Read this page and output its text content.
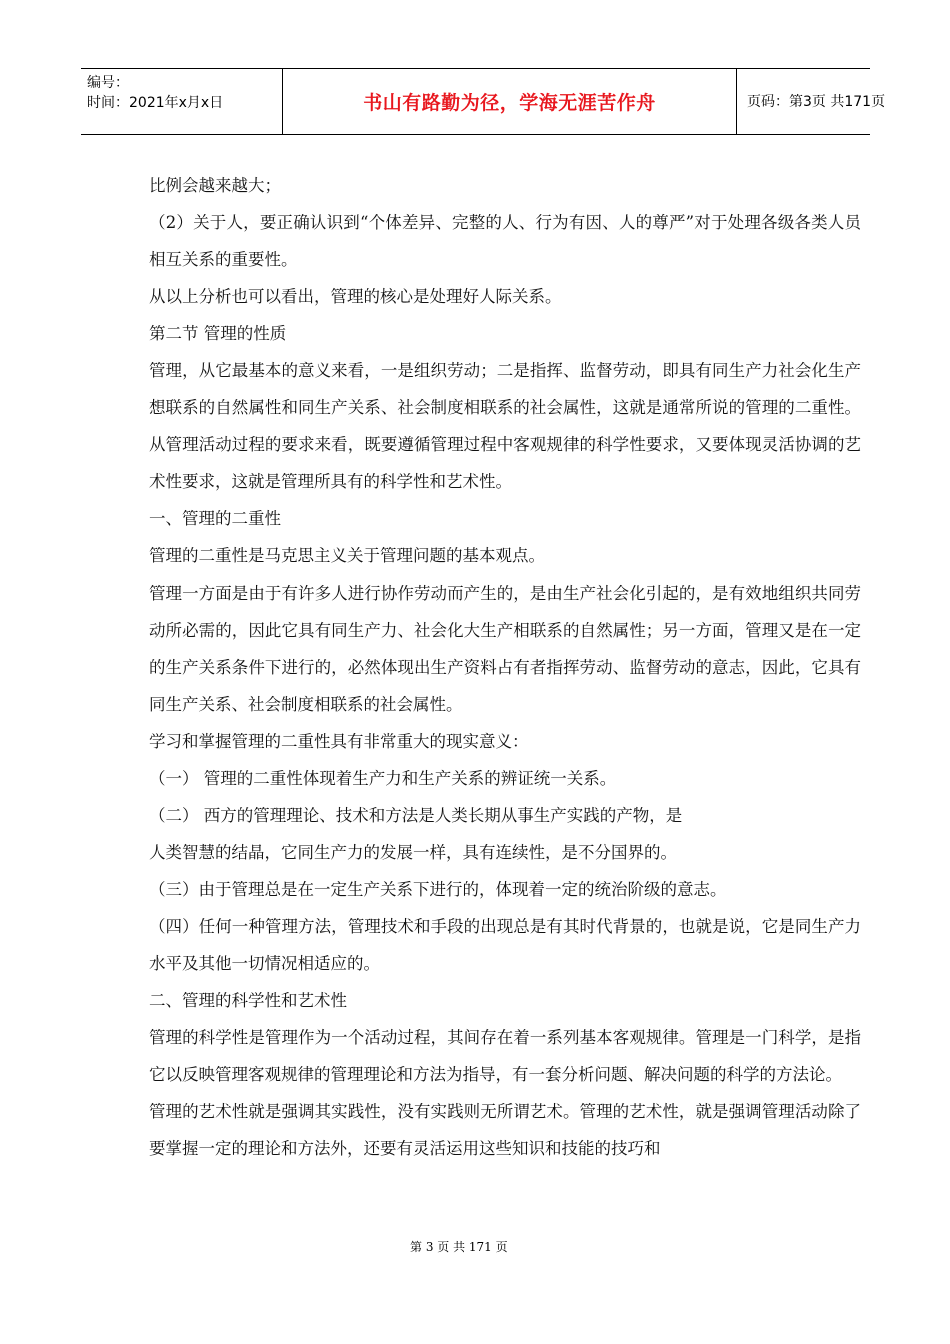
编号：
时间：2021年x月x日	书山有路勤为径，学海无涯苦作舟	页码：第3页 共171页

比例会越来越大；

（2）关于人，要正确认识到“个体差异、完整的人、行为有因、人的尊严”对于处理各级各类人员相互关系的重要性。

从以上分析也可以看出，管理的核心是处理好人际关系。

第二节 管理的性质

管理，从它最基本的意义来看，一是组织劳动；二是指挥、监督劳动，即具有同生产力社会化生产想联系的自然属性和同生产关系、社会制度相联系的社会属性，这就是通常所说的管理的二重性。从管理活动过程的要求来看，既要遵循管理过程中客观规律的科学性要求，又要体现灵活协调的艺术性要求，这就是管理所具有的科学性和艺术性。

一、管理的二重性

管理的二重性是马克思主义关于管理问题的基本观点。

管理一方面是由于有许多人进行协作劳动而产生的，是由生产社会化引起的，是有效地组织共同劳动所必需的，因此它具有同生产力、社会化大生产相联系的自然属性；另一方面，管理又是在一定的生产关系条件下进行的，必然体现出生产资料占有者指挥劳动、监督劳动的意志，因此，它具有同生产关系、社会制度相联系的社会属性。

学习和掌握管理的二重性具有非常重大的现实意义：

（一） 管理的二重性体现着生产力和生产关系的辨证统一关系。

（二） 西方的管理理论、技术和方法是人类长期从事生产实践的产物，是

人类智慧的结晶，它同生产力的发展一样，具有连续性，是不分国界的。

（三）由于管理总是在一定生产关系下进行的，体现着一定的统治阶级的意志。

（四）任何一种管理方法，管理技术和手段的出现总是有其时代背景的，也就是说，它是同生产力水平及其他一切情况相适应的。

二、管理的科学性和艺术性

管理的科学性是管理作为一个活动过程，其间存在着一系列基本客观规律。管理是一门科学，是指它以反映管理客观规律的管理理论和方法为指导，有一套分析问题、解决问题的科学的方法论。

管理的艺术性就是强调其实践性，没有实践则无所谓艺术。管理的艺术性，就是强调管理活动除了要掌握一定的理论和方法外，还要有灵活运用这些知识和技能的技巧和

第 3 页 共 171 页
